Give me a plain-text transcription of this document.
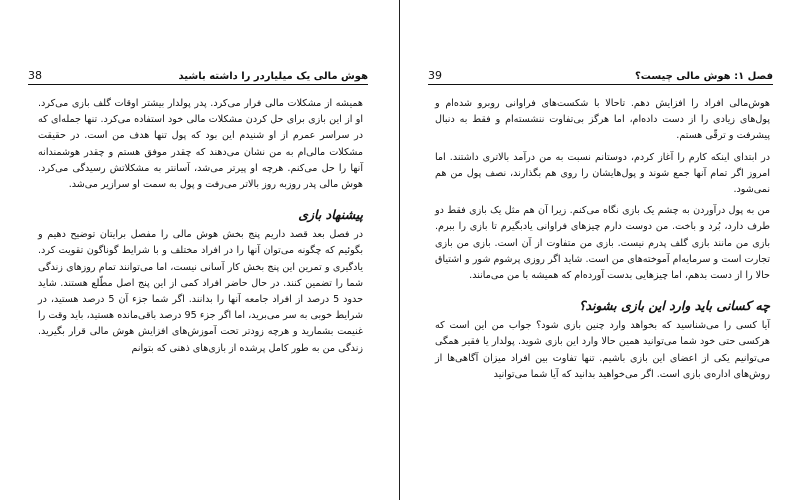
38	هوش مالی یک میلیاردر را داشته باشید

همیشه از مشکلات مالی فرار می‌کرد. پدر پولدار بیشتر اوقات گلف بازی می‌کرد. او از این بازی برای حل کردن مشکلات مالی خود استفاده می‌کرد. تنها جمله‌ای که در سراسر عمرم از او شنیدم این بود که پول تنها هدف من است. در حقیقت مشکلات مالی‌ام به من نشان می‌دهند که چقدر موفق هستم و چقدر هوشمندانه آنها را حل می‌کنم. هرچه او پیرتر می‌شد، آسانتر به مشکلاتش رسیدگی می‌کرد. هوش مالی پدر روزبه روز بالاتر می‌رفت و پول به سمت او سرازیر می‌شد.

پیشنهاد بازی

در فصل بعد قصد داریم پنج بخش هوش مالی را مفصل برایتان توضیح دهیم و بگوئیم که چگونه می‌توان آنها را در افراد مختلف و با شرایط گوناگون تقویت کرد. یادگیری و تمرین این پنج بخش کار آسانی نیست، اما می‌توانند تمام روزهای زندگی شما را تضمین کنند. در حال حاضر افراد کمی از این پنج اصل مطّلع هستند. شاید حدود 5 درصد از افراد جامعه آنها را بدانند. اگر شما جزء آن 5 درصد هستید، در شرایط خوبی به سر می‌برید، اما اگر جزء 95 درصد باقی‌مانده هستید، باید وقت را غنیمت بشمارید و هرچه زودتر تحت آموزش‌های افزایش هوش مالی قرار بگیرید. زندگی من به طور کامل پرشده از بازی‌های ذهنی که بتوانم

39	فصل ۱: هوش مالی چیست؟

هوش‌مالی افراد را افزایش دهم. تاحالا با شکست‌های فراوانی روبرو شده‌ام و پول‌های زیادی را از دست داده‌ام، اما هرگز بی‌تفاوت ننشسته‌ام و فقط به دنبال پیشرفت و ترقّی هستم.

در ابتدای اینکه کارم را آغاز کردم، دوستانم نسبت به من درآمد بالاتری داشتند. اما امروز اگر تمام آنها جمع شوند و پول‌هایشان را روی هم بگذارند، نصف پول من هم نمی‌شود.

من به پول درآوردن به چشم یک بازی نگاه می‌کنم. زیرا آن هم مثل یک بازی فقط دو طرف دارد، بُرد و باخت. من دوست دارم چیزهای فراوانی یادبگیرم تا بازی را ببرم. بازی من مانند بازی گلف پدرم نیست. بازی من متفاوت از آن است. بازی من بازی تجارت است و سرمایه‌ام آموخته‌های من است. شاید اگر روزی پرشوم شور و اشتیاق حالا را از دست بدهم، اما چیزهایی بدست آورده‌ام که همیشه با من می‌مانند.

چه کسانی باید وارد این بازی بشوند؟

آیا کسی را می‌شناسید که بخواهد وارد چنین بازی شود؟ جواب من این است که هرکسی حتی خود شما می‌توانید همین حالا وارد این بازی شوید. پولدار یا فقیر همگی می‌توانیم یکی از اعضای این بازی باشیم. تنها تفاوت بین افراد میزان آگاهی‌ها از روش‌های اداره‌ی بازی است. اگر می‌خواهید بدانید که آیا شما می‌توانید
